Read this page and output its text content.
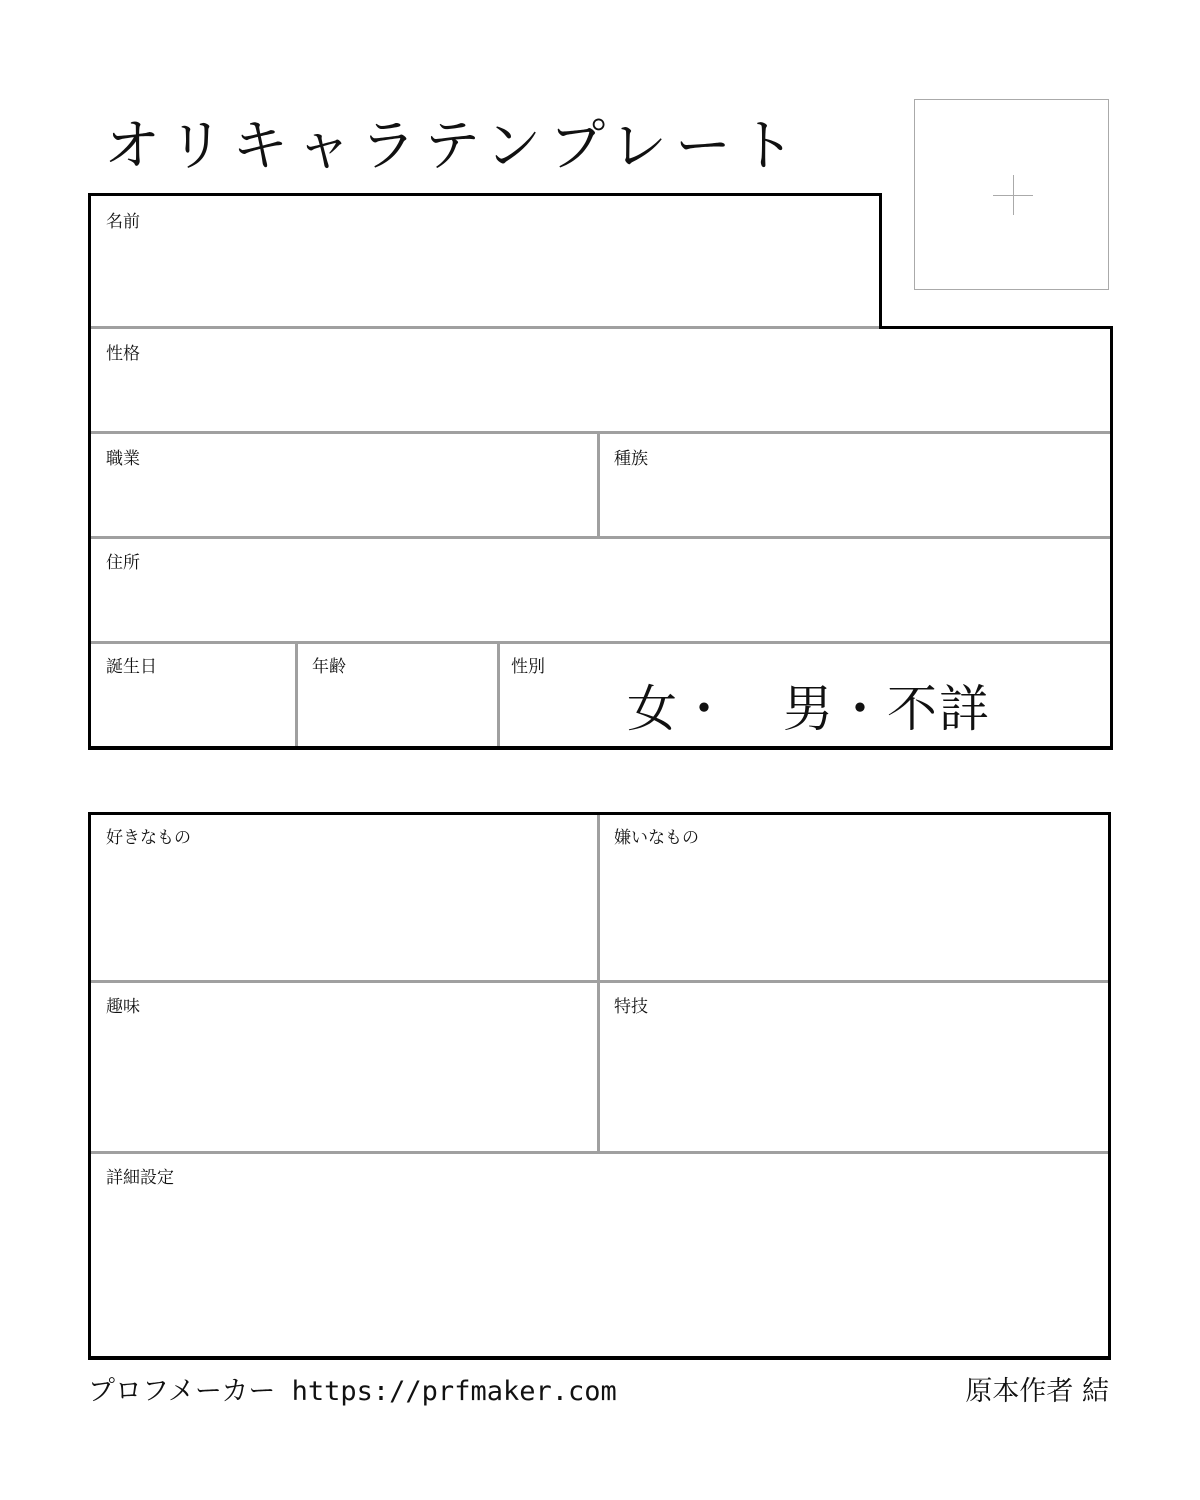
オリキャラテンプレート
名前
性格
職業	種族
住所
誕生日	年齢	性別
女・　男・不詳
好きなもの	嫌いなもの
趣味	特技
詳細設定
プロフメーカー https://prfmaker.com	原本作者 結
